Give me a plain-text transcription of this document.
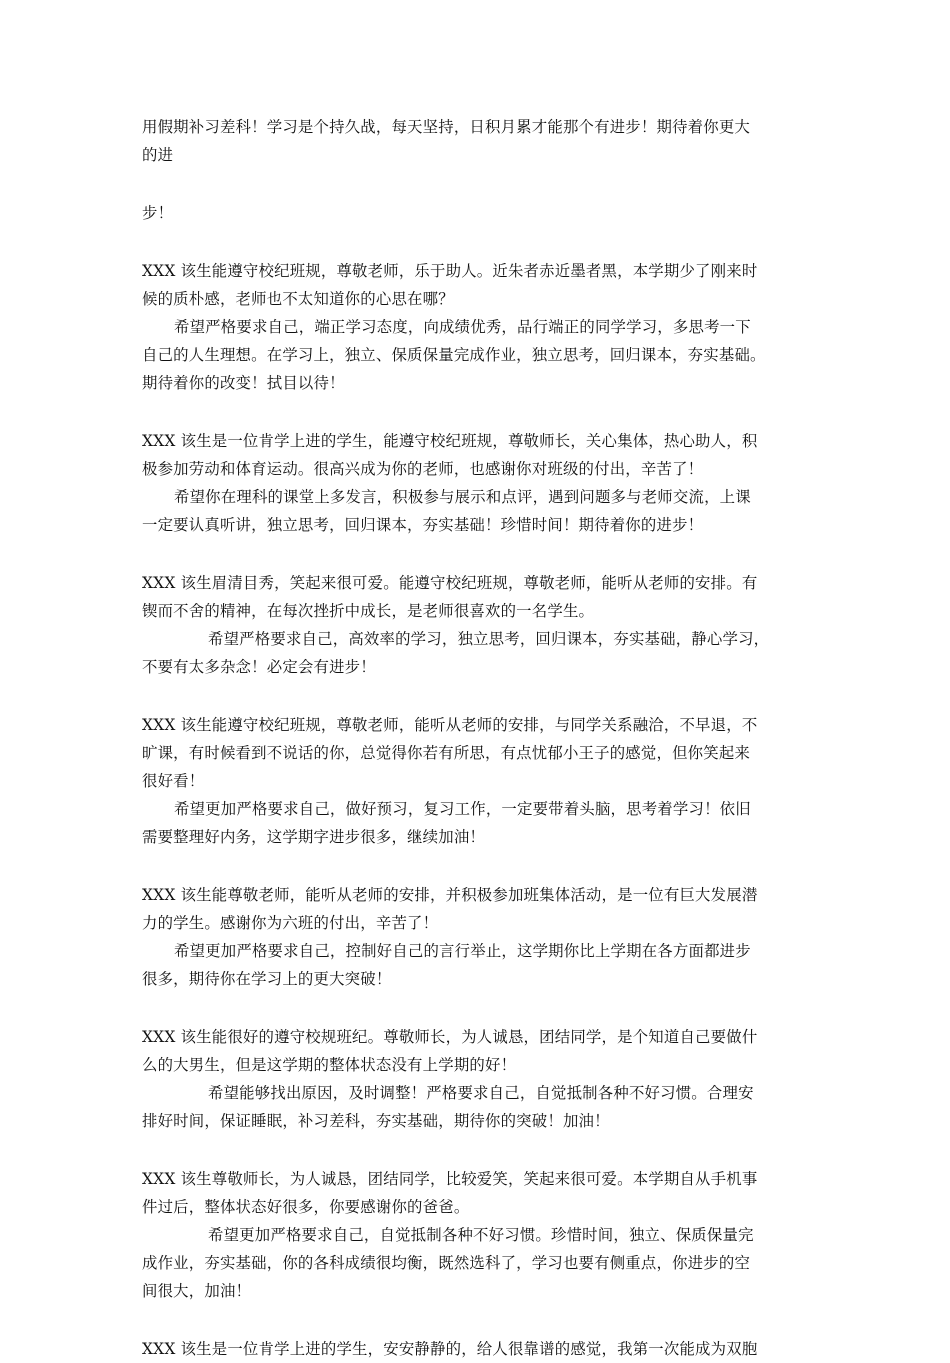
用假期补习差科！学习是个持久战，每天坚持，日积月累才能那个有进步！期待着你更大
的进
步！
XXX 该生能遵守校纪班规，尊敬老师，乐于助人。近朱者赤近墨者黑，本学期少了刚来时
候的质朴感，老师也不太知道你的心思在哪？
希望严格要求自己，端正学习态度，向成绩优秀，品行端正的同学学习，多思考一下
自己的人生理想。在学习上，独立、保质保量完成作业，独立思考，回归课本，夯实基础。
期待着你的改变！拭目以待！
XXX 该生是一位肯学上进的学生，能遵守校纪班规，尊敬师长，关心集体，热心助人，积
极参加劳动和体育运动。很高兴成为你的老师，也感谢你对班级的付出，辛苦了！
希望你在理科的课堂上多发言，积极参与展示和点评，遇到问题多与老师交流，上课
一定要认真听讲，独立思考，回归课本，夯实基础！珍惜时间！期待着你的进步！
XXX 该生眉清目秀，笑起来很可爱。能遵守校纪班规，尊敬老师，能听从老师的安排。有
锲而不舍的精神，在每次挫折中成长，是老师很喜欢的一名学生。
希望严格要求自己，高效率的学习，独立思考，回归课本，夯实基础，静心学习，
不要有太多杂念！必定会有进步！
XXX 该生能遵守校纪班规，尊敬老师，能听从老师的安排，与同学关系融洽，不早退，不
旷课，有时候看到不说话的你，总觉得你若有所思，有点忧郁小王子的感觉，但你笑起来
很好看！
希望更加严格要求自己，做好预习，复习工作，一定要带着头脑，思考着学习！依旧
需要整理好内务，这学期字进步很多，继续加油！
XXX 该生能尊敬老师，能听从老师的安排，并积极参加班集体活动，是一位有巨大发展潜
力的学生。感谢你为六班的付出，辛苦了！
希望更加严格要求自己，控制好自己的言行举止，这学期你比上学期在各方面都进步
很多，期待你在学习上的更大突破！
XXX 该生能很好的遵守校规班纪。尊敬师长，为人诚恳，团结同学，是个知道自己要做什
么的大男生，但是这学期的整体状态没有上学期的好！
希望能够找出原因，及时调整！严格要求自己，自觉抵制各种不好习惯。合理安
排好时间，保证睡眠，补习差科，夯实基础，期待你的突破！加油！
XXX 该生尊敬师长，为人诚恳，团结同学，比较爱笑，笑起来很可爱。本学期自从手机事
件过后，整体状态好很多，你要感谢你的爸爸。
希望更加严格要求自己，自觉抵制各种不好习惯。珍惜时间，独立、保质保量完
成作业，夯实基础，你的各科成绩很均衡，既然选科了，学习也要有侧重点，你进步的空
间很大，加油！
XXX 该生是一位肯学上进的学生，安安静静的，给人很靠谱的感觉，我第一次能成为双胞
